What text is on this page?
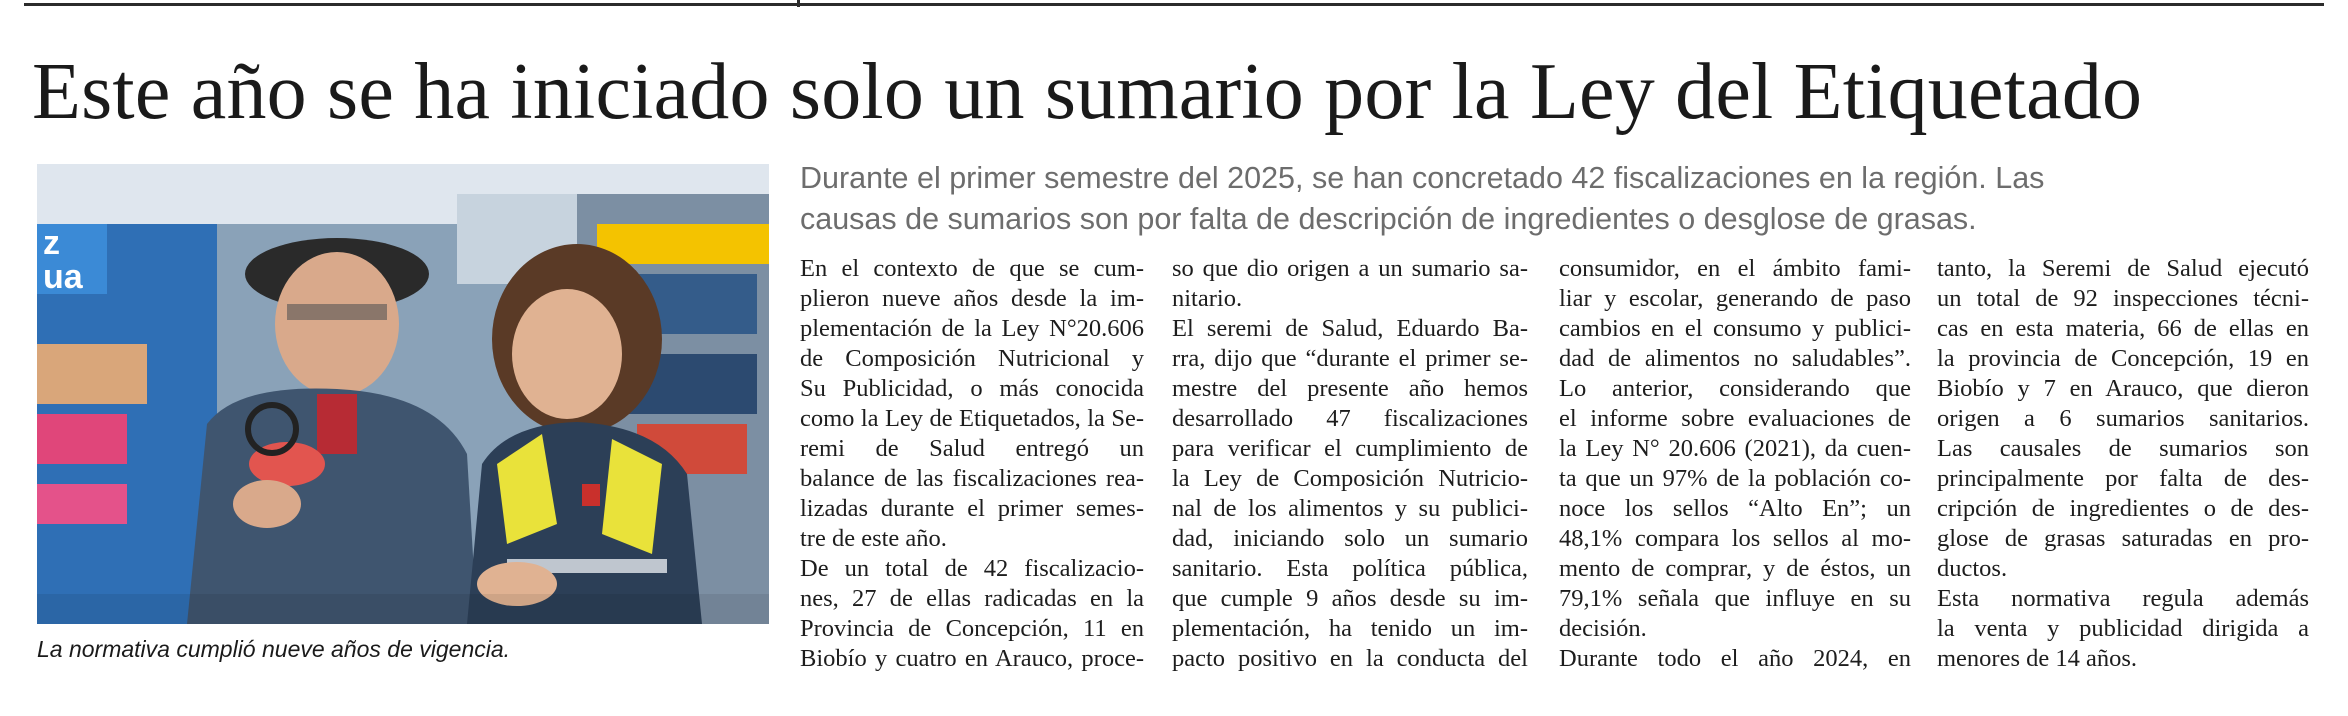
Este año se ha iniciado solo un sumario por la Ley del Etiquetado
z
ua
La normativa cumplió nueve años de vigencia.
Durante el primer semestre del 2025, se han concretado 42 fiscalizaciones en la región. Las
causas de sumarios son por falta de descripción de ingredientes o desglose de grasas.
En el contexto de que se cum-
plieron nueve años desde la im-
plementación de la Ley N°20.606
de Composición Nutricional y
Su Publicidad, o más conocida
como la Ley de Etiquetados, la Se-
remi de Salud entregó un
balance de las fiscalizaciones rea-
lizadas durante el primer semes-
tre de este año.
De un total de 42 fiscalizacio-
nes, 27 de ellas radicadas en la
Provincia de Concepción, 11 en
Biobío y cuatro en Arauco, proce-
so que dio origen a un sumario sa-
nitario.
El seremi de Salud, Eduardo Ba-
rra, dijo que “durante el primer se-
mestre del presente año hemos
desarrollado 47 fiscalizaciones
para verificar el cumplimiento de
la Ley de Composición Nutricio-
nal de los alimentos y su publici-
dad, iniciando solo un sumario
sanitario. Esta política pública,
que cumple 9 años desde su im-
plementación, ha tenido un im-
pacto positivo en la conducta del
consumidor, en el ámbito fami-
liar y escolar, generando de paso
cambios en el consumo y publici-
dad de alimentos no saludables”.
Lo anterior, considerando que
el informe sobre evaluaciones de
la Ley N° 20.606 (2021), da cuen-
ta que un 97% de la población co-
noce los sellos “Alto En”; un
48,1% compara los sellos al mo-
mento de comprar, y de éstos, un
79,1% señala que influye en su
decisión.
Durante todo el año 2024, en
tanto, la Seremi de Salud ejecutó
un total de 92 inspecciones técni-
cas en esta materia, 66 de ellas en
la provincia de Concepción, 19 en
Biobío y 7 en Arauco, que dieron
origen a 6 sumarios sanitarios.
Las causales de sumarios son
principalmente por falta de des-
cripción de ingredientes o de des-
glose de grasas saturadas en pro-
ductos.
Esta normativa regula además
la venta y publicidad dirigida a
menores de 14 años.
